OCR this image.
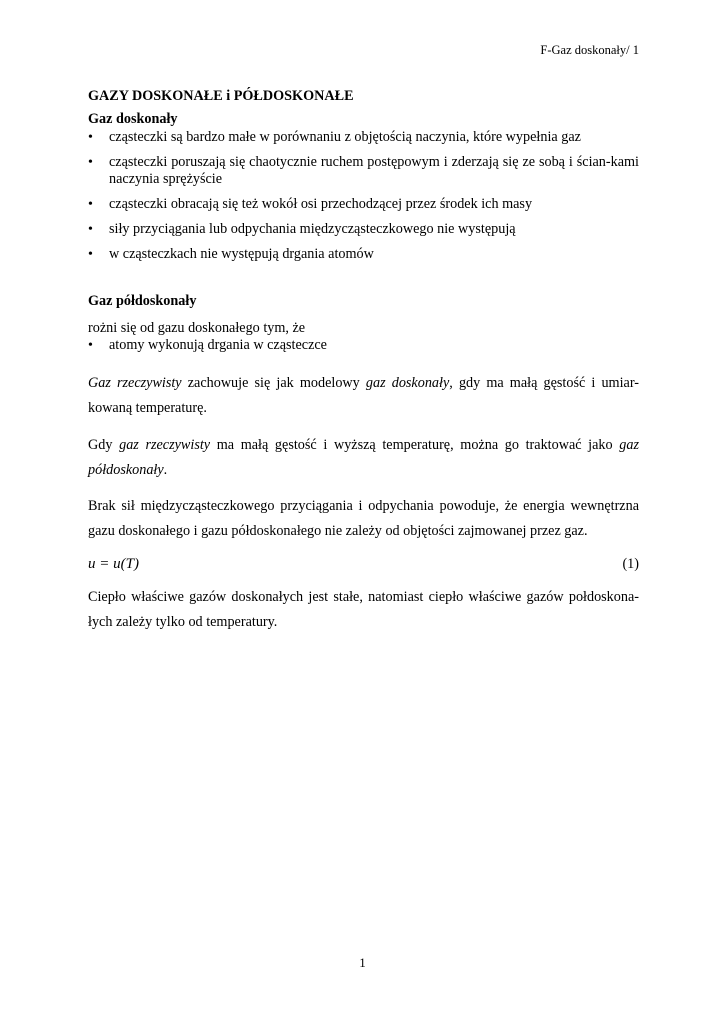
F-Gaz doskonały/ 1
GAZY DOSKONAŁE i PÓŁDOSKONAŁE
Gaz doskonały
• cząsteczki są bardzo małe w porównaniu z objętością naczynia, które wypełnia gaz
• cząsteczki poruszają się chaotycznie ruchem postępowym i zderzają się ze sobą i ścian-kami naczynia sprężyście
• cząsteczki obracają się też wokół osi przechodzącej przez środek ich masy
• siły przyciągania lub odpychania międzycząsteczkowego nie występują
• w cząsteczkach nie występują drgania atomów
Gaz półdoskonały

rożni się od gazu doskonałego tym, że

• atomy wykonują drgania w cząsteczce

Gaz rzeczywisty zachowuje się jak modelowy gaz doskonały, gdy ma małą gęstość i umiar-kowaną temperaturę.

Gdy gaz rzeczywisty ma małą gęstość i wyższą temperaturę, można go traktować jako gaz półdoskonały.

Brak sił międzycząsteczkowego przyciągania i odpychania powoduje, że energia wewnętrzna gazu doskonałego i gazu półdoskonałego nie zależy od objętości zajmowanej przez gaz.

u = u(T)	(1)

Ciepło właściwe gazów doskonałych jest stałe, natomiast ciepło właściwe gazów połdoskona-łych zależy tylko od temperatury.

1
